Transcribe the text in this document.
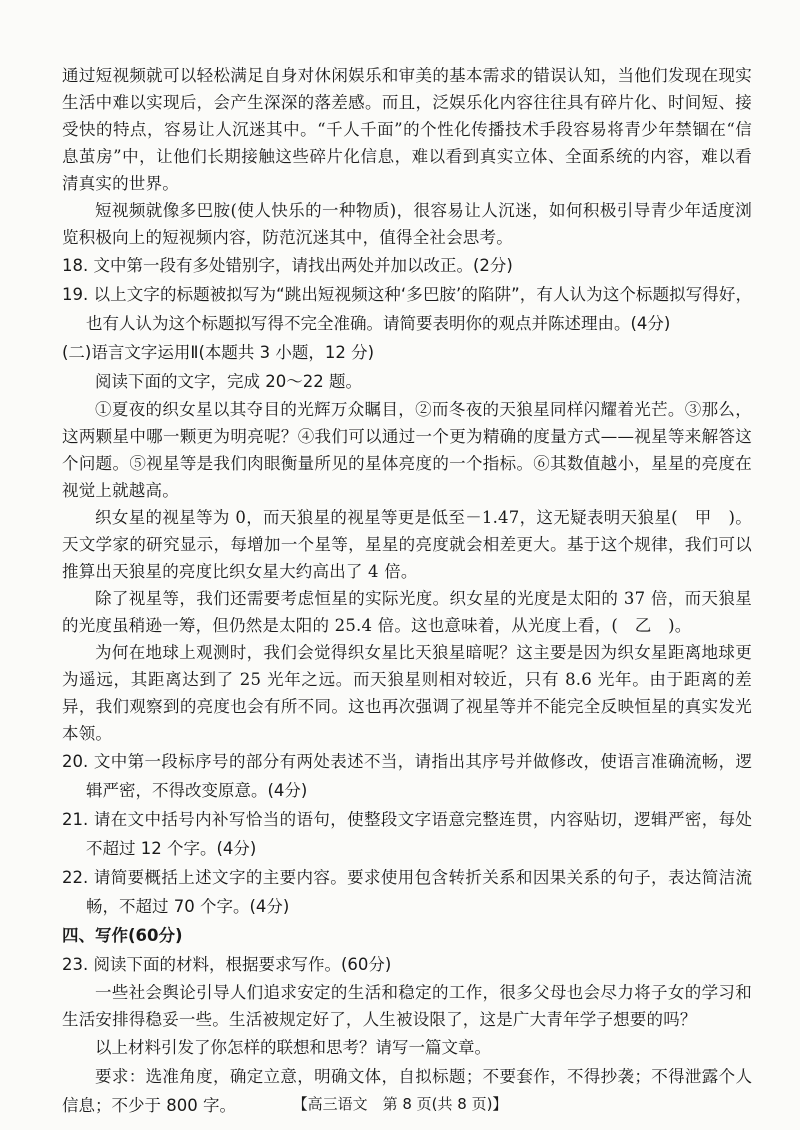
通过短视频就可以轻松满足自身对休闲娱乐和审美的基本需求的错误认知，当他们发现在现实生活中难以实现后，会产生深深的落差感。而且，泛娱乐化内容往往具有碎片化、时间短、接受快的特点，容易让人沉迷其中。“千人千面”的个性化传播技术手段容易将青少年禁锢在“信息茧房”中，让他们长期接触这些碎片化信息，难以看到真实立体、全面系统的内容，难以看清真实的世界。

短视频就像多巴胺(使人快乐的一种物质)，很容易让人沉迷，如何积极引导青少年适度浏览积极向上的短视频内容，防范沉迷其中，值得全社会思考。

18. 文中第一段有多处错别字，请找出两处并加以改正。(2分)

19. 以上文字的标题被拟写为“跳出短视频这种‘多巴胺’的陷阱”，有人认为这个标题拟写得好，也有人认为这个标题拟写得不完全准确。请简要表明你的观点并陈述理由。(4分)

(二)语言文字运用Ⅱ(本题共 3 小题，12 分)

阅读下面的文字，完成 20～22 题。

①夏夜的织女星以其夺目的光辉万众瞩目，②而冬夜的天狼星同样闪耀着光芒。③那么，这两颗星中哪一颗更为明亮呢？④我们可以通过一个更为精确的度量方式——视星等来解答这个问题。⑤视星等是我们肉眼衡量所见的星体亮度的一个指标。⑥其数值越小，星星的亮度在视觉上就越高。

织女星的视星等为 0，而天狼星的视星等更是低至－1.47，这无疑表明天狼星(　甲　)。天文学家的研究显示，每增加一个星等，星星的亮度就会相差更大。基于这个规律，我们可以推算出天狼星的亮度比织女星大约高出了 4 倍。

除了视星等，我们还需要考虑恒星的实际光度。织女星的光度是太阳的 37 倍，而天狼星的光度虽稍逊一筹，但仍然是太阳的 25.4 倍。这也意味着，从光度上看，(　乙　)。

为何在地球上观测时，我们会觉得织女星比天狼星暗呢？这主要是因为织女星距离地球更为遥远，其距离达到了 25 光年之远。而天狼星则相对较近，只有 8.6 光年。由于距离的差异，我们观察到的亮度也会有所不同。这也再次强调了视星等并不能完全反映恒星的真实发光本领。

20. 文中第一段标序号的部分有两处表述不当，请指出其序号并做修改，使语言准确流畅，逻辑严密，不得改变原意。(4分)

21. 请在文中括号内补写恰当的语句，使整段文字语意完整连贯，内容贴切，逻辑严密，每处不超过 12 个字。(4分)

22. 请简要概括上述文字的主要内容。要求使用包含转折关系和因果关系的句子，表达简洁流畅，不超过 70 个字。(4分)

四、写作(60分)

23. 阅读下面的材料，根据要求写作。(60分)

一些社会舆论引导人们追求安定的生活和稳定的工作，很多父母也会尽力将子女的学习和生活安排得稳妥一些。生活被规定好了，人生被设限了，这是广大青年学子想要的吗？

以上材料引发了你怎样的联想和思考？请写一篇文章。

要求：选准角度，确定立意，明确文体，自拟标题；不要套作，不得抄袭；不得泄露个人信息；不少于 800 字。	【高三语文　第 8 页(共 8 页)】
